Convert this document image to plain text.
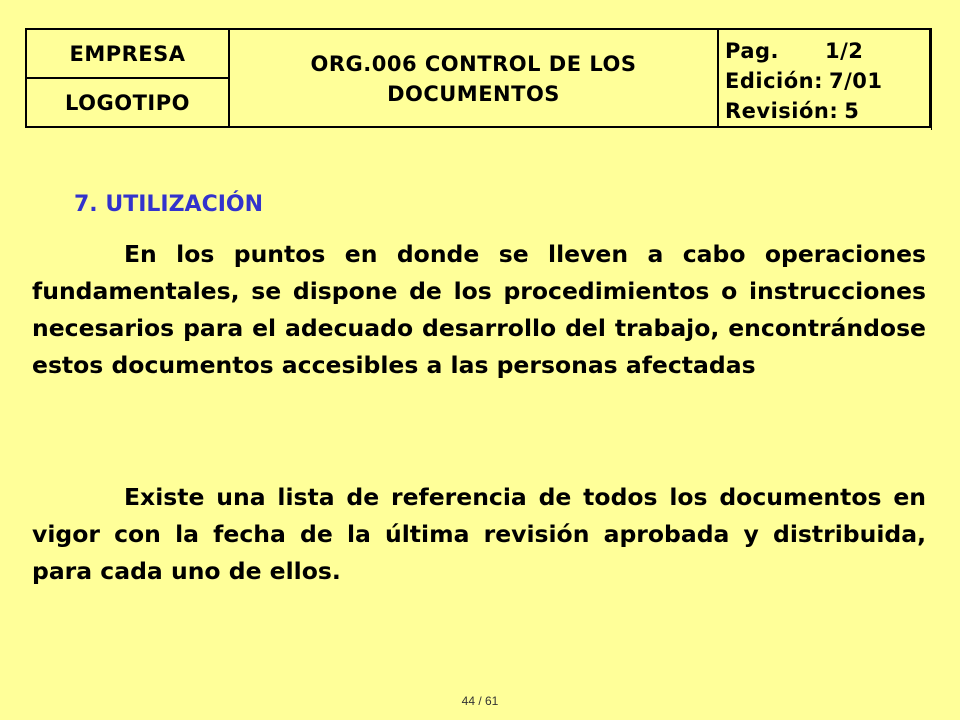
EMPRESA
LOGOTIPO
ORG.006 CONTROL DE LOS
DOCUMENTOS
Pag. 1/2
Edición: 7/01
Revisión: 5
7. UTILIZACIÓN

En los puntos en donde se lleven a cabo operaciones fundamentales, se dispone de los procedimientos o instrucciones necesarios para el adecuado desarrollo del trabajo, encontrándose estos documentos accesibles a las personas afectadas

Existe una lista de referencia de todos los documentos en vigor con la fecha de la última revisión aprobada y distribuida, para cada uno de ellos.

44 / 61
